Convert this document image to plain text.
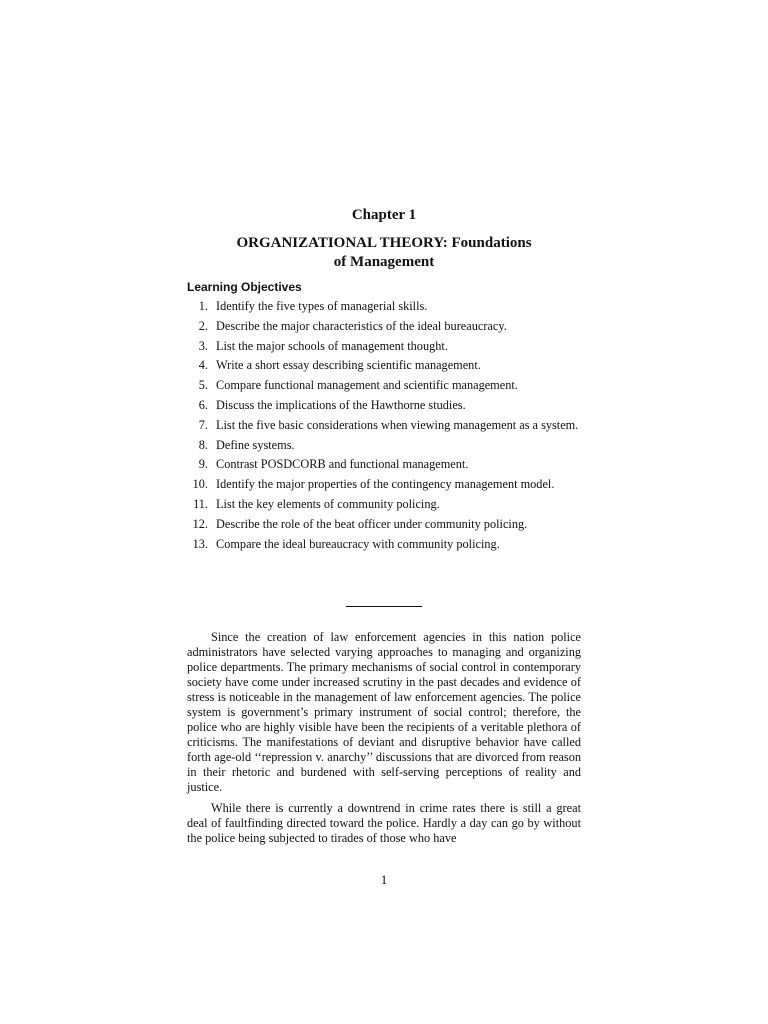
Chapter 1
ORGANIZATIONAL THEORY: Foundations
of Management
Learning Objectives
1. Identify the five types of managerial skills.
2. Describe the major characteristics of the ideal bureaucracy.
3. List the major schools of management thought.
4. Write a short essay describing scientific management.
5. Compare functional management and scientific management.
6. Discuss the implications of the Hawthorne studies.
7. List the five basic considerations when viewing management as a system.
8. Define systems.
9. Contrast POSDCORB and functional management.
10. Identify the major properties of the contingency management model.
11. List the key elements of community policing.
12. Describe the role of the beat officer under community policing.
13. Compare the ideal bureaucracy with community policing.

Since the creation of law enforcement agencies in this nation police administrators have selected varying approaches to managing and organizing police departments. The primary mechanisms of social control in contemporary society have come under increased scrutiny in the past decades and evidence of stress is noticeable in the management of law enforcement agencies. The police system is government’s primary instrument of social control; therefore, the police who are highly visible have been the recipients of a veritable plethora of criticisms. The manifestations of deviant and disruptive behavior have called forth age-old ‘‘repression v. anarchy’’ discussions that are divorced from reason in their rhetoric and burdened with self-serving perceptions of reality and justice.

While there is currently a downtrend in crime rates there is still a great deal of faultfinding directed toward the police. Hardly a day can go by without the police being subjected to tirades of those who have

1
